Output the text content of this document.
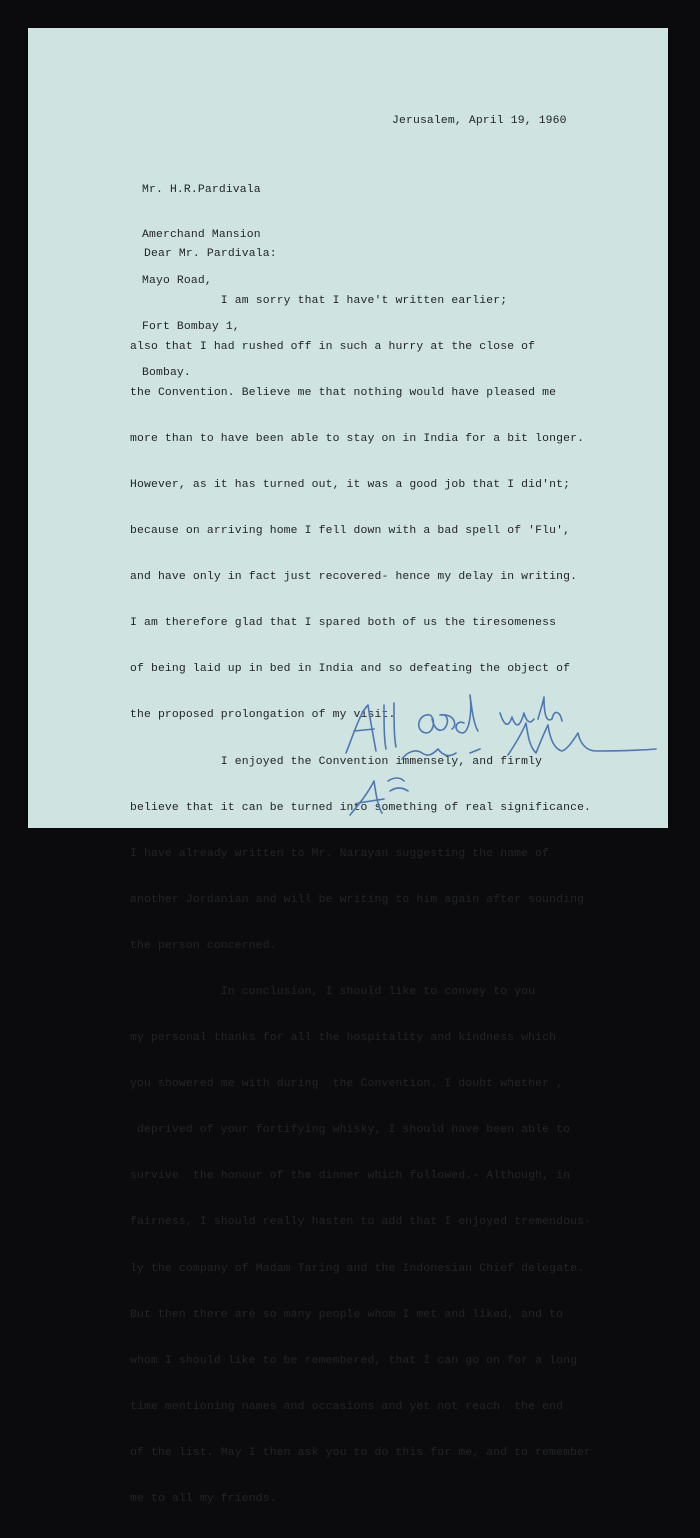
Jerusalem, April 19, 1960

Mr. H.R.Pardivala

Amerchand Mansion

Mayo Road,

Fort Bombay 1,

Bombay.

Dear Mr. Pardivala:

I am sorry that I have't written earlier;

also that I had rushed off in such a hurry at the close of

the Convention. Believe me that nothing would have pleased me

more than to have been able to stay on in India for a bit longer.

However, as it has turned out, it was a good job that I did'nt;

because on arriving home I fell down with a bad spell of 'Flu',

and have only in fact just recovered- hence my delay in writing.

I am therefore glad that I spared both of us the tiresomeness

of being laid up in bed in India and so defeating the object of

the proposed prolongation of my visit.

I enjoyed the Convention immensely, and firmly

believe that it can be turned into something of real significance.

I have already written to Mr. Narayan suggesting the name of

another Jordanian and will be writing to him again after sounding

the person concerned.

In conclusion, I should like to convey to you

my personal thanks for all the hospitality and kindness which

you showered me with during  the Convention. I doubt whether ,

deprived of your fortifying whisky, I should have been able to

survive  the honour of the dinner which followed.- Although, in

fairness, I should really hasten to add that I enjoyed tremendous-

ly the company of Madam Taring and the Indonesian Chief delegate.

But then there are so many people whom I met and liked, and to

whom I should like to be remembered, that I can go on for a long

time mentioning names and occasions and yet not reach  the end

of the list. May I then ask you to do this for me, and to remember

me to all my friends.
